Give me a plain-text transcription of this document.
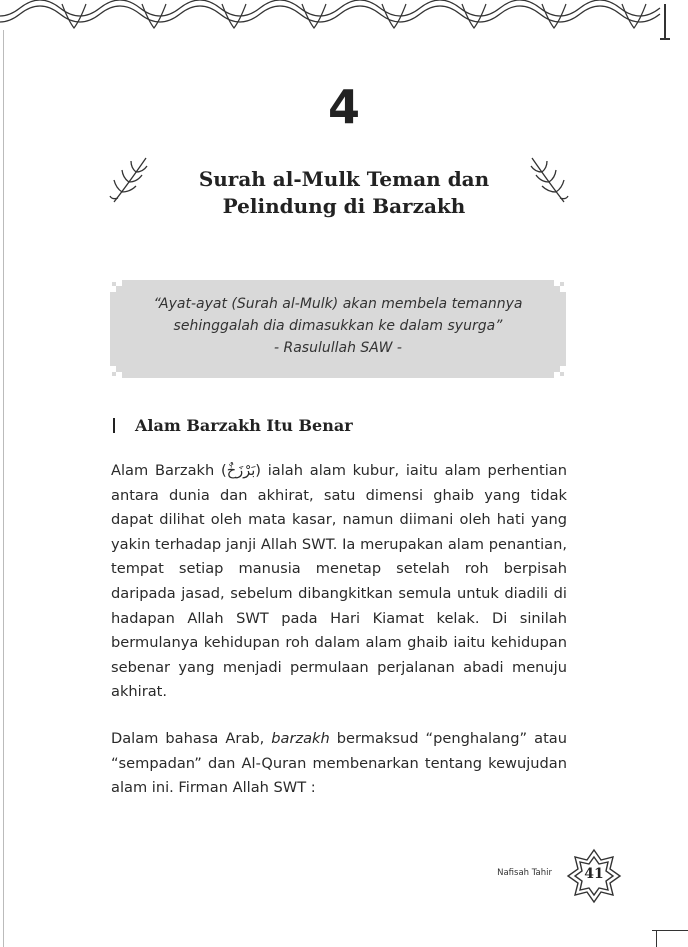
4
Surah al-Mulk Teman dan
Pelindung di Barzakh
“Ayat-ayat (Surah al-Mulk) akan membela temannya
sehinggalah dia dimasukkan ke dalam syurga”
- Rasulullah SAW -
Alam Barzakh Itu Benar

Alam Barzakh (بَرْزَخٌ) ialah alam kubur, iaitu alam perhentian antara dunia dan akhirat, satu dimensi ghaib yang tidak dapat dilihat oleh mata kasar, namun diimani oleh hati yang yakin terhadap janji Allah SWT. Ia merupakan alam penantian, tempat setiap manusia menetap setelah roh berpisah daripada jasad, sebelum dibangkitkan semula untuk diadili di hadapan Allah SWT pada Hari Kiamat kelak. Di sinilah bermulanya kehidupan roh dalam alam ghaib iaitu kehidupan sebenar yang menjadi permulaan perjalanan abadi menuju akhirat.

Dalam bahasa Arab, barzakh bermaksud “penghalang” atau “sempadan” dan Al-Quran membenarkan tentang kewujudan alam ini. Firman Allah SWT :

Nafisah Tahir	41
